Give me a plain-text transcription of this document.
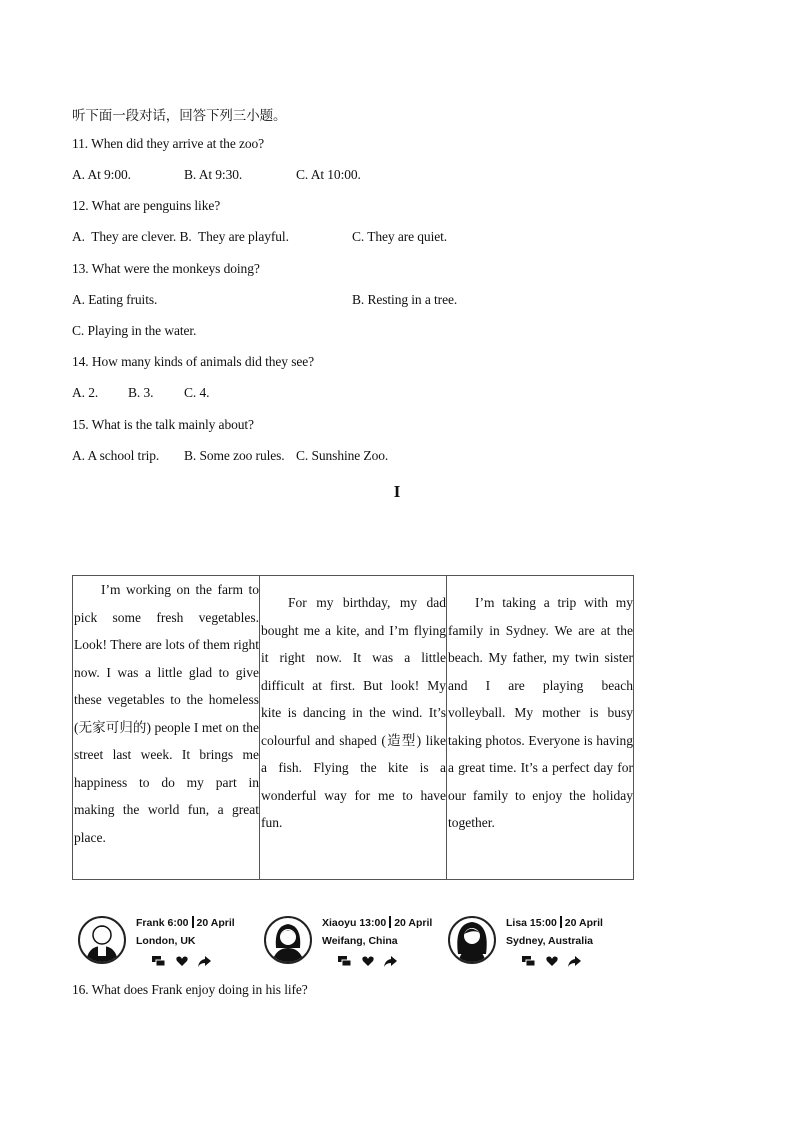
听下面一段对话，回答下列三小题。
11. When did they arrive at the zoo?
A. At 9:00.	B. At 9:30.	C. At 10:00.
12. What are penguins like?
A.  They are clever. B.  They are playful.	C. They are quiet.
13. What were the monkeys doing?
A. Eating fruits.	B. Resting in a tree.
C. Playing in the water.
14. How many kinds of animals did they see?
A. 2. B. 3. C. 4.
15. What is the talk mainly about?
A. A school trip. B. Some zoo rules. C. Sunshine Zoo.
I

I’m working on the farm to pick some fresh vegetables. Look! There are lots of them right now. I was a little glad to give these vegetables to the homeless (无家可归的) people I met on the street last week. It brings me happiness to do my part in making the world fun, a great place.

For my birthday, my dad bought me a kite, and I’m flying it right now. It was a little difficult at first. But look! My kite is dancing in the wind. It’s colourful and shaped (造型) like a fish. Flying the kite is a wonderful way for me to have fun.

I’m taking a trip with my family in Sydney. We are at the beach. My father, my twin sister and I are playing beach volleyball. My mother is busy taking photos. Everyone is having a great time. It’s a perfect day for our family to enjoy the holiday together.

Frank 6:00 20 April
London, UK
Xiaoyu 13:00 20 April
Weifang, China
Lisa 15:00 20 April
Sydney, Australia
16. What does Frank enjoy doing in his life?
